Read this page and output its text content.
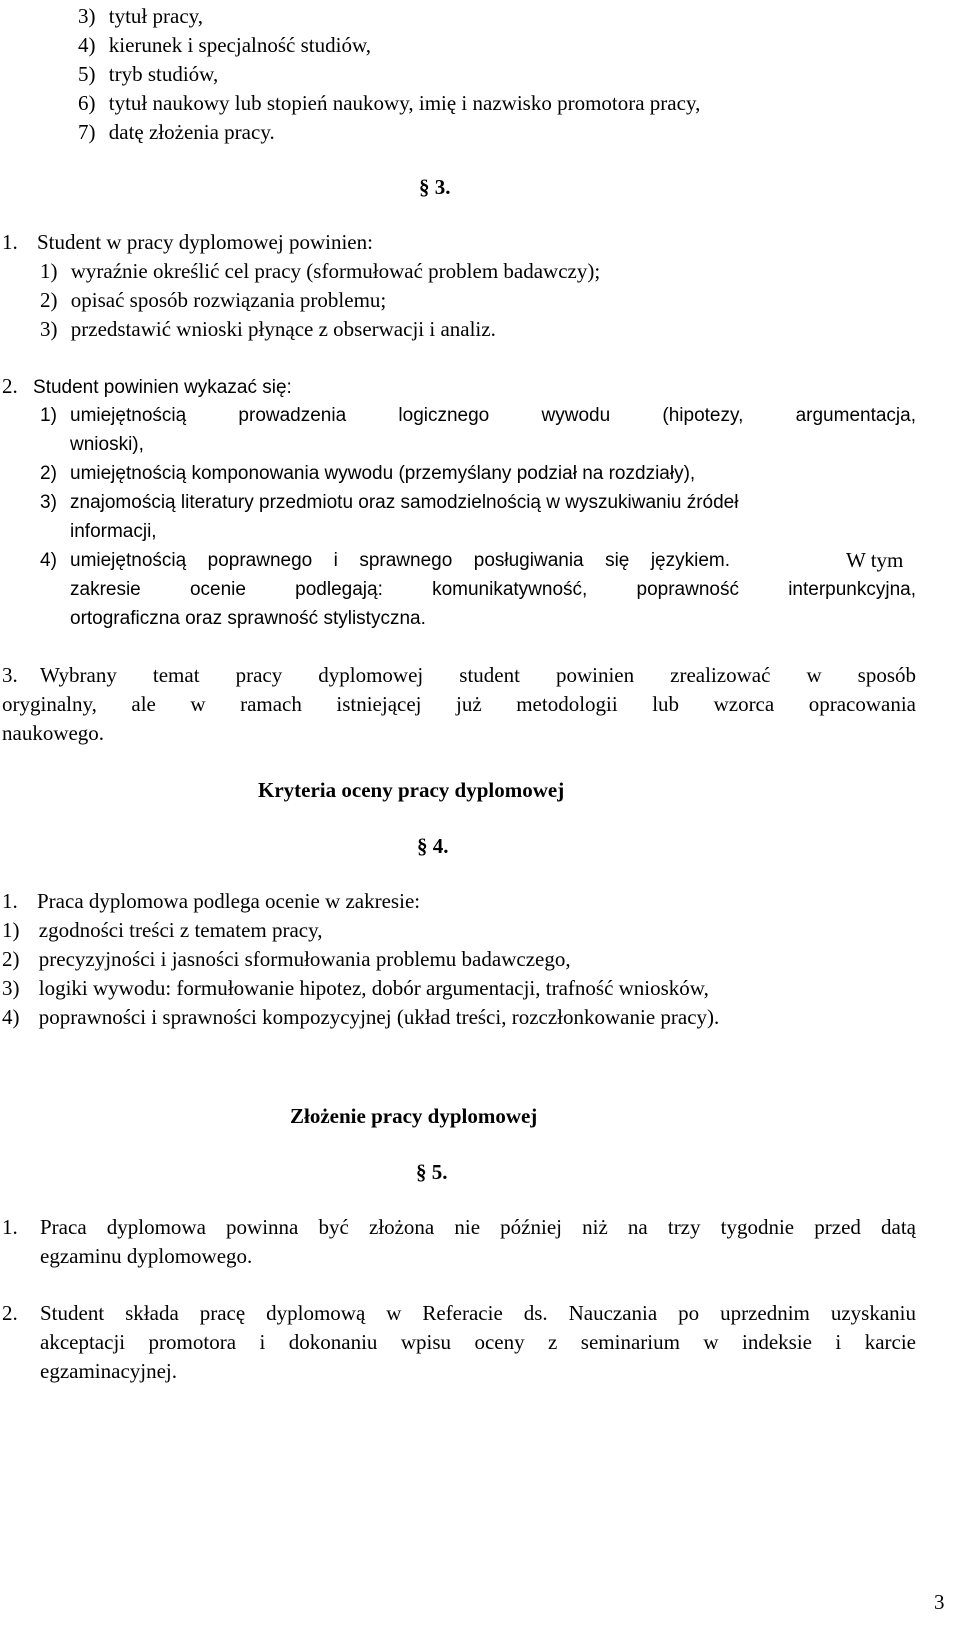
3) tytuł pracy,
4) kierunek i specjalność studiów,
5) tryb studiów,
6) tytuł naukowy lub stopień naukowy, imię i nazwisko promotora pracy,
7) datę złożenia pracy.
§ 3.
1. Student w pracy dyplomowej powinien:
1) wyraźnie określić cel pracy (sformułować problem badawczy);
2) opisać sposób rozwiązania problemu;
3) przedstawić wnioski płynące z obserwacji i analiz.
2. Student powinien wykazać się:
1) umiejętnością prowadzenia logicznego wywodu (hipotezy, argumentacja,
wnioski),
2) umiejętnością komponowania wywodu (przemyślany podział na rozdziały),
3) znajomością literatury przedmiotu oraz samodzielnością w wyszukiwaniu źródeł
informacji,
4) umiejętnością poprawnego i sprawnego posługiwania się językiem.	W tym
zakresie ocenie podlegają: komunikatywność, poprawność interpunkcyjna,
ortograficzna oraz sprawność stylistyczna.
3. Wybrany temat pracy dyplomowej student powinien zrealizować w sposób
oryginalny, ale w ramach istniejącej już metodologii lub wzorca opracowania
naukowego.
Kryteria oceny pracy dyplomowej
§ 4.
1. Praca dyplomowa podlega ocenie w zakresie:
1) zgodności treści z tematem pracy,
2) precyzyjności i jasności sformułowania problemu badawczego,
3) logiki wywodu: formułowanie hipotez, dobór argumentacji, trafność wniosków,
4) poprawności i sprawności kompozycyjnej (układ treści, rozczłonkowanie pracy).
Złożenie pracy dyplomowej
§ 5.
1. Praca dyplomowa powinna być złożona nie później niż na trzy tygodnie przed datą
egzaminu dyplomowego.
2. Student składa pracę dyplomową w Referacie ds. Nauczania po uprzednim uzyskaniu
akceptacji promotora i dokonaniu wpisu oceny z seminarium w indeksie i karcie
egzaminacyjnej.
3
